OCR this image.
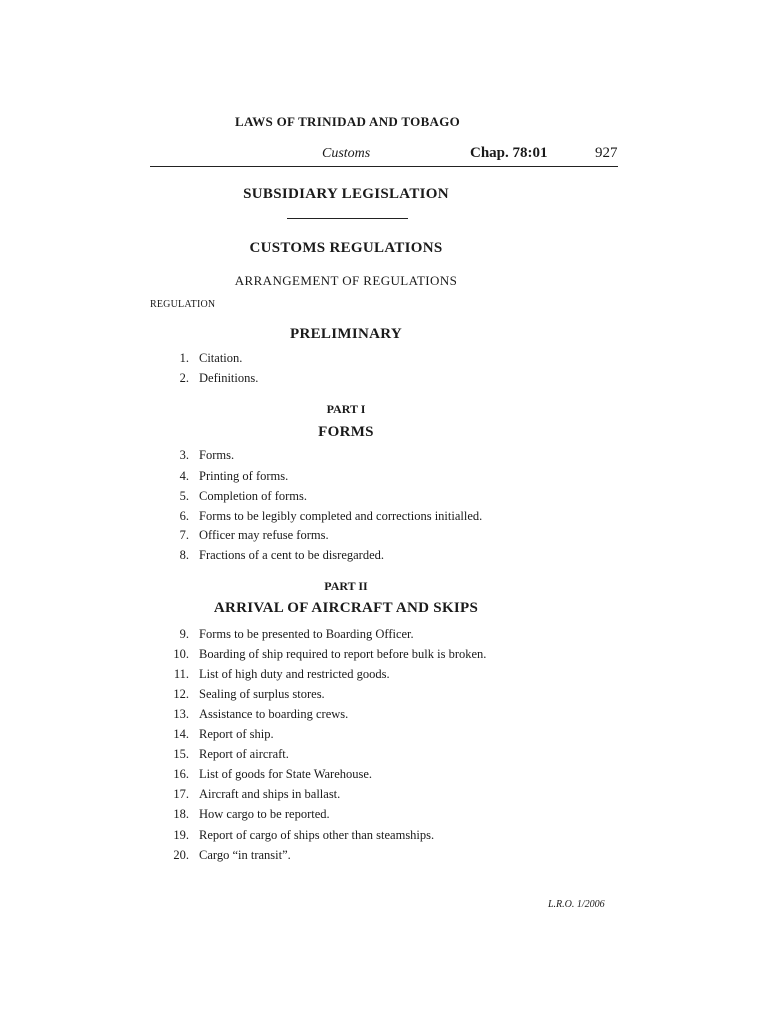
LAWS OF TRINIDAD AND TOBAGO
Customs	Chap. 78:01	927
SUBSIDIARY LEGISLATION
CUSTOMS REGULATIONS
ARRANGEMENT OF REGULATIONS
REGULATION
PRELIMINARY
1. Citation.
2. Definitions.
PART I
FORMS
3. Forms.
4. Printing of forms.
5. Completion of forms.
6. Forms to be legibly completed and corrections initialled.
7. Officer may refuse forms.
8. Fractions of a cent to be disregarded.
PART II
ARRIVAL OF AIRCRAFT AND SKIPS
9. Forms to be presented to Boarding Officer.
10. Boarding of ship required to report before bulk is broken.
11. List of high duty and restricted goods.
12. Sealing of surplus stores.
13. Assistance to boarding crews.
14. Report of ship.
15. Report of aircraft.
16. List of goods for State Warehouse.
17. Aircraft and ships in ballast.
18. How cargo to be reported.
19. Report of cargo of ships other than steamships.
20. Cargo “in transit”.
L.R.O. 1/2006
